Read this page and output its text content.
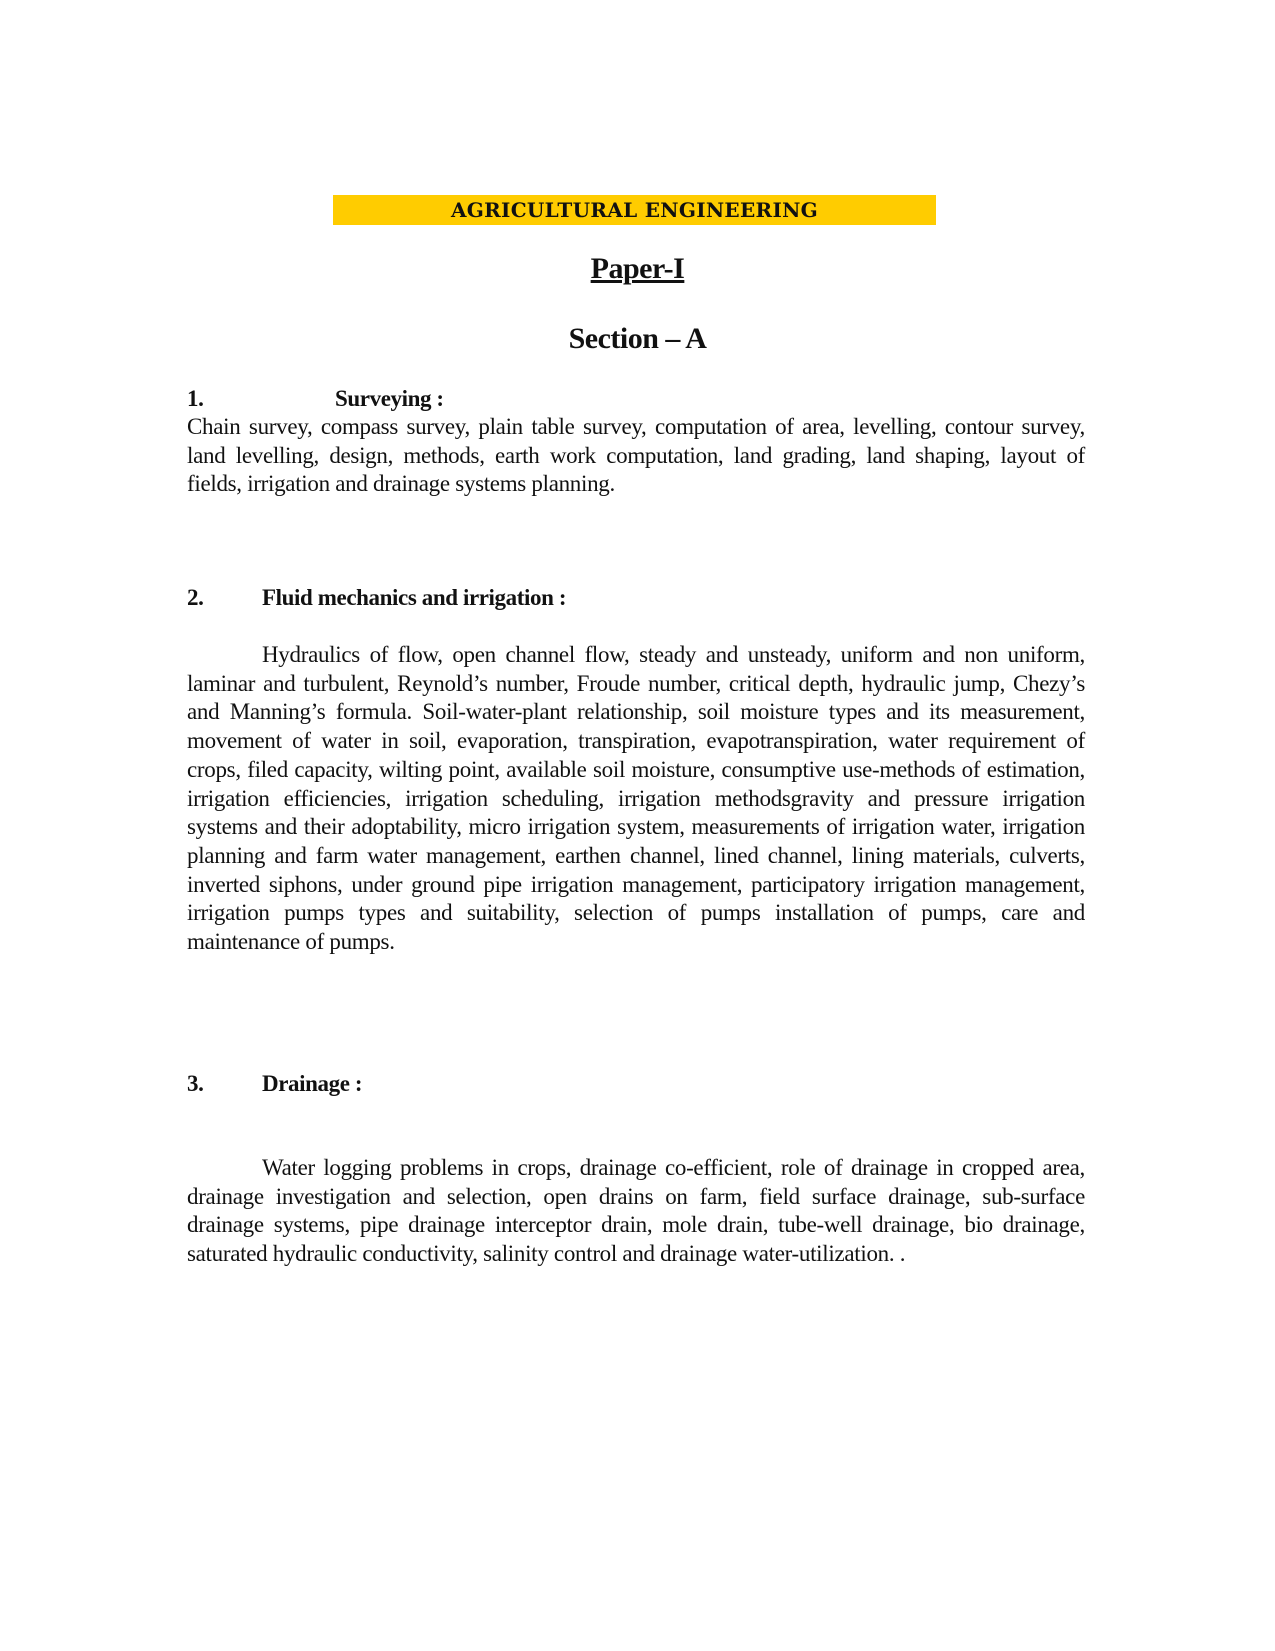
AGRICULTURAL ENGINEERING
Paper-I
Section – A
1.	Surveying :
Chain survey, compass survey, plain table survey, computation of area, levelling, contour survey, land levelling, design, methods, earth work computation, land grading, land shaping, layout of fields, irrigation and drainage systems planning.
2.	Fluid mechanics and irrigation :
Hydraulics of flow, open channel flow, steady and unsteady, uniform and non uniform, laminar and turbulent, Reynold’s number, Froude number, critical depth, hydraulic jump, Chezy’s and Manning’s formula. Soil-water-plant relationship, soil moisture types and its measurement, movement of water in soil, evaporation, transpiration, evapotranspiration, water requirement of crops, filed capacity, wilting point, available soil moisture, consumptive use-methods of estimation, irrigation efficiencies, irrigation scheduling, irrigation methodsgravity and pressure irrigation systems and their adoptability, micro irrigation system, measurements of irrigation water, irrigation planning and farm water management, earthen channel, lined channel, lining materials, culverts, inverted siphons, under ground pipe irrigation management, participatory irrigation management, irrigation pumps types and suitability, selection of pumps installation of pumps, care and maintenance of pumps.
3.	Drainage :
Water logging problems in crops, drainage co-efficient, role of drainage in cropped area, drainage investigation and selection, open drains on farm, field surface drainage, sub-surface drainage systems, pipe drainage interceptor drain, mole drain, tube-well drainage, bio drainage, saturated hydraulic conductivity, salinity control and drainage water-utilization. .
